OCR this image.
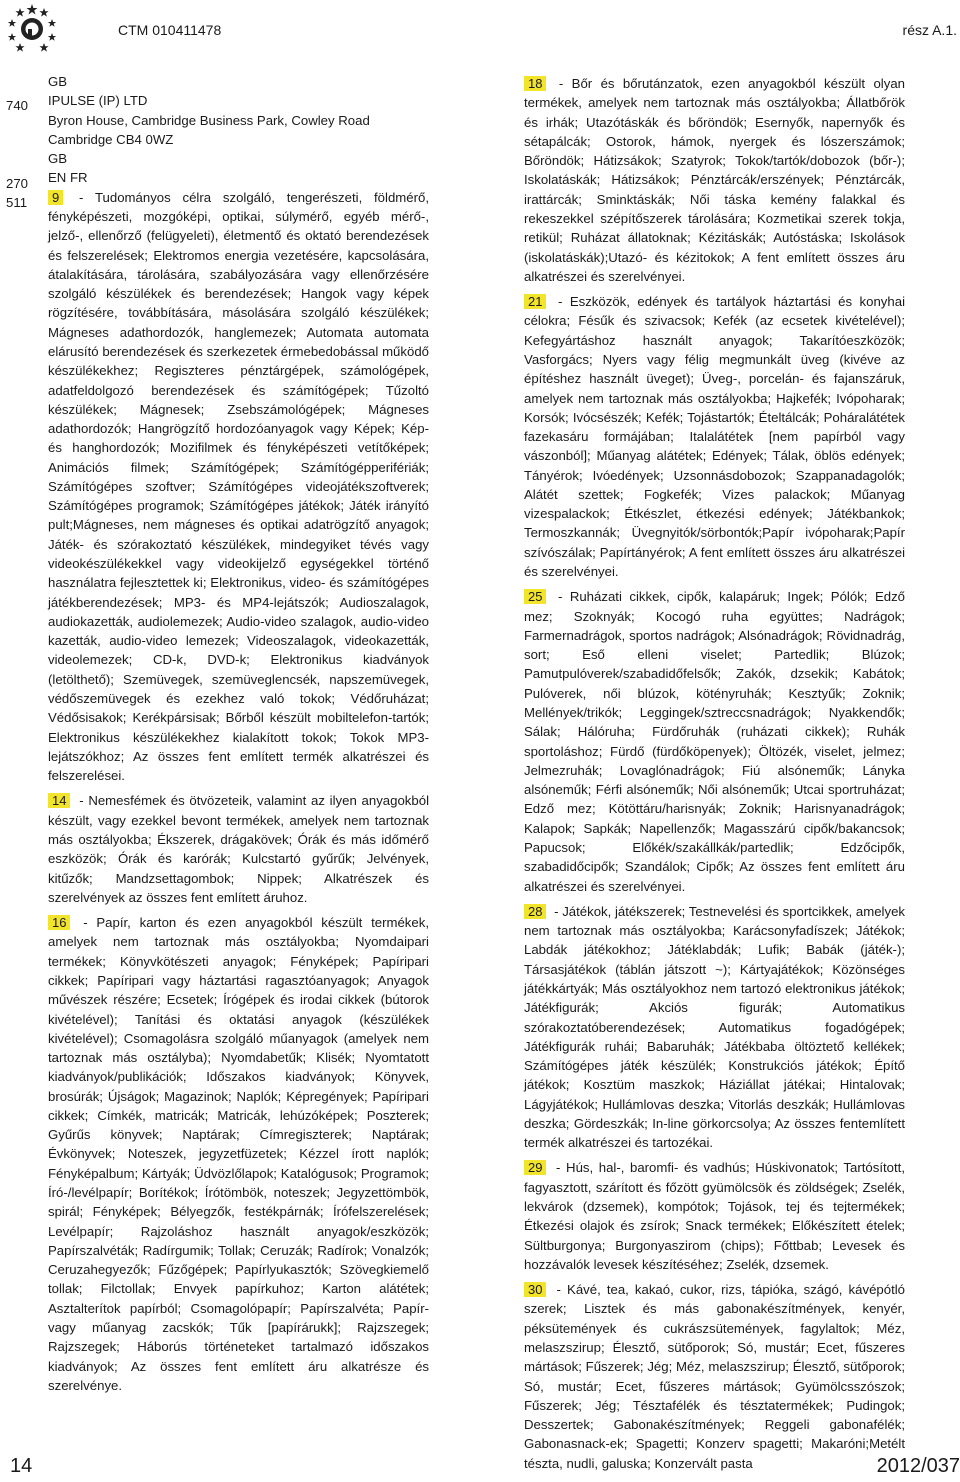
CTM 010411478	rész A.1.
740
270
511
GB
IPULSE (IP) LTD
Byron House, Cambridge Business Park, Cowley Road
Cambridge CB4 0WZ
GB
EN FR

9 - Tudományos célra szolgáló, tengerészeti, földmérő, fényképészeti, mozgóképi, optikai, súlymérő, egyéb mérő-, jelző-, ellenőrző (felügyeleti), életmentő és oktató berendezések és felszerelések; Elektromos energia vezetésére, kapcsolására, átalakítására, tárolására, szabályozására vagy ellenőrzésére szolgáló készülékek és berendezések; Hangok vagy képek rögzítésére, továbbítására, másolására szolgáló készülékek; Mágneses adathordozók, hanglemezek; Automata automata elárusító berendezések és szerkezetek érmebedobással működő készülékekhez; Regiszteres pénztárgépek, számológépek, adatfeldolgozó berendezések és számítógépek; Tűzoltó készülékek; Mágnesek; Zsebszámológépek; Mágneses adathordozók; Hangrögzítő hordozóanyagok vagy Képek; Kép- és hanghordozók; Mozifilmek és fényképészeti vetítőképek; Animációs filmek; Számítógépek; Számítógépperifériák; Számítógépes szoftver; Számítógépes videojátékszoftverek; Számítógépes programok; Számítógépes játékok; Játék irányító pult;Mágneses, nem mágneses és optikai adatrögzítő anyagok; Játék- és szórakoztató készülékek, mindegyiket tévés vagy videokészülékekkel vagy videokijelző egységekkel történő használatra fejlesztettek ki; Elektronikus, video- és számítógépes játékberendezések; MP3- és MP4-lejátszók; Audioszalagok, audiokazetták, audiolemezek; Audio-video szalagok, audio-video kazetták, audio-video lemezek; Videoszalagok, videokazetták, videolemezek; CD-k, DVD-k; Elektronikus kiadványok (letölthető); Szemüvegek, szemüveglencsék, napszemüvegek, védőszemüvegek és ezekhez való tokok; Védőruházat; Védősisakok; Kerékpársisak; Bőrből készült mobiltelefon-tartók; Elektronikus készülékekhez kialakított tokok; Tokok MP3-lejátszókhoz; Az összes fent említett termék alkatrészei és felszerelései.

14 - Nemesfémek és ötvözeteik, valamint az ilyen anyagokból készült, vagy ezekkel bevont termékek, amelyek nem tartoznak más osztályokba; Ékszerek, drágakövek; Órák és más időmérő eszközök; Órák és karórák; Kulcstartó gyűrűk; Jelvények, kitűzők; Mandzsettagombok; Nippek; Alkatrészek és szerelvények az összes fent említett áruhoz.

16 - Papír, karton és ezen anyagokból készült termékek, amelyek nem tartoznak más osztályokba; Nyomdaipari termékek; Könyvkötészeti anyagok; Fényképek; Papíripari cikkek; Papíripari vagy háztartási ragasztóanyagok; Anyagok művészek részére; Ecsetek; Írógépek és irodai cikkek (bútorok kivételével); Tanítási és oktatási anyagok (készülékek kivételével); Csomagolásra szolgáló műanyagok (amelyek nem tartoznak más osztályba); Nyomdabetűk; Klisék; Nyomtatott kiadványok/publikációk; Időszakos kiadványok; Könyvek, brosúrák; Újságok; Magazinok; Naplók; Képregények; Papíripari cikkek; Címkék, matricák; Matricák, lehúzóképek; Poszterek; Gyűrűs könyvek; Naptárak; Címregiszterek; Naptárak; Évkönyvek; Noteszek, jegyzetfüzetek; Kézzel írott naplók; Fényképalbum; Kártyák; Üdvözlőlapok; Katalógusok; Programok; Író-/levélpapír; Borítékok; Írótömbök, noteszek; Jegyzettömbök, spirál; Fényképek; Bélyegzők, festékpárnák; Írófelszerelések; Levélpapír; Rajzoláshoz használt anyagok/eszközök; Papírszalvéták; Radírgumik; Tollak; Ceruzák; Radírok; Vonalzók; Ceruzahegyezők; Fűzőgépek; Papírlyukasztók; Szövegkiemelő tollak; Filctollak; Envyek papírkuhoz; Karton alátétek; Asztalterítok papírból; Csomagolópapír; Papírszalvéta; Papír- vagy műanyag zacskók; Tűk [papírárukk]; Rajzszegek; Rajzszegek; Háborús történeteket tartalmazó időszakos kiadványok; Az összes fent említett áru alkatrésze és szerelvénye.

18 - Bőr és bőrutánzatok, ezen anyagokból készült olyan termékek, amelyek nem tartoznak más osztályokba; Állatbőrök és irhák; Utazótáskák és bőröndök; Esernyők, napernyők és sétapálcák; Ostorok, hámok, nyergek és lószerszámok; Bőröndök; Hátizsákok; Szatyrok; Tokok/tartók/dobozok (bőr-); Iskolatáskák; Hátizsákok; Pénztárcák/erszények; Pénztárcák, irattárcák; Sminktáskák; Női táska kemény falakkal és rekeszekkel szépítőszerek tárolására; Kozmetikai szerek tokja, retikül; Ruházat állatoknak; Kézitáskák; Autóstáska; Iskolások (iskolatáskák);Utazó- és kézitokok; A fent említett összes áru alkatrészei és szerelvényei.

21 - Eszközök, edények és tartályok háztartási és konyhai célokra; Fésűk és szivacsok; Kefék (az ecsetek kivételével); Kefegyártáshoz használt anyagok; Takarítóeszközök; Vasforgács; Nyers vagy félig megmunkált üveg (kivéve az építéshez használt üveget); Üveg-, porcelán- és fajanszáruk, amelyek nem tartoznak más osztályokba; Hajkefék; Ivópoharak; Korsók; Ivócsészék; Kefék; Tojástartók; Ételtálcák; Poháralátétek fazekasáru formájában; Italalátétek [nem papírból vagy vászonból]; Műanyag alátétek; Edények; Tálak, öblös edények; Tányérok; Ivóedények; Uzsonnásdobozok; Szappanadagolók; Alátét szettek; Fogkefék; Vizes palackok; Műanyag vizespalackok; Étkészlet, étkezési edények; Játékbankok; Termoszkannák; Üvegnyitók/sörbontók;Papír ivópoharak;Papír szívószálak; Papírtányérok; A fent említett összes áru alkatrészei és szerelvényei.

25 - Ruházati cikkek, cipők, kalapáruk; Ingek; Pólók; Edző mez; Szoknyák; Kocogó ruha együttes; Nadrágok; Farmernadrágok, sportos nadrágok; Alsónadrágok; Rövidnadrág, sort; Eső elleni viselet; Partedlik; Blúzok; Pamutpulóverek/szabadidőfelsők; Zakók, dzsekik; Kabátok; Pulóverek, női blúzok, kötényruhák; Kesztyűk; Zoknik; Mellények/trikók; Leggingek/sztreccsnadrágok; Nyakkendők; Sálak; Hálóruha; Fürdőruhák (ruházati cikkek); Ruhák sportoláshoz; Fürdő (fürdőköpenyek); Öltözék, viselet, jelmez; Jelmezruhák; Lovaglónadrágok; Fiú alsóneműk; Lányka alsóneműk; Férfi alsóneműk; Női alsóneműk; Utcai sportruházat; Edző mez; Kötöttáru/harisnyák; Zoknik; Harisnyanadrágok; Kalapok; Sapkák; Napellenzők; Magasszárú cipők/bakancsok; Papucsok; Előkék/szakállkák/partedlik; Edzőcipők, szabadidőcipők; Szandálok; Cipők; Az összes fent említett áru alkatrészei és szerelvényei.

28 - Játékok, játékszerek; Testnevelési és sportcikkek, amelyek nem tartoznak más osztályokba; Karácsonyfadíszek; Játékok; Labdák játékokhoz; Játéklabdák; Lufik; Babák (játék-); Társasjátékok (táblán játszott ~); Kártyajátékok; Közönséges játékkártyák; Más osztályokhoz nem tartozó elektronikus játékok; Játékfigurák; Akciós figurák; Automatikus szórakoztatóberendezések; Automatikus fogadógépek; Játékfigurák ruhái; Babaruhák; Játékbaba öltöztető kellékek; Számítógépes játék készülék; Konstrukciós játékok; Építő játékok; Kosztüm maszkok; Háziállat játékai; Hintalovak; Lágyjátékok; Hullámlovas deszka; Vitorlás deszkák; Hullámlovas deszka; Gördeszkák; In-line görkorcsolya; Az összes fentemlített termék alkatrészei és tartozékai.

29 - Hús, hal-, baromfi- és vadhús; Húskivonatok; Tartósított, fagyasztott, szárított és főzött gyümölcsök és zöldségek; Zselék, lekvárok (dzsemek), kompótok; Tojások, tej és tejtermékek; Étkezési olajok és zsírok; Snack termékek; Előkészített ételek; Sültburgonya; Burgonyaszirom (chips); Főttbab; Levesek és hozzávalók levesek készítéséhez; Zselék, dzsemek.

30 - Kávé, tea, kakaó, cukor, rizs, tápióka, szágó, kávépótló szerek; Lisztek és más gabonakészítmények, kenyér, péksütemények és cukrászsütemények, fagylaltok; Méz, melaszszirup; Élesztő, sütőporok; Só, mustár; Ecet, fűszeres mártások; Fűszerek; Jég; Méz, melaszszirup; Élesztő, sütőporok; Só, mustár; Ecet, fűszeres mártások; Gyümölcsszószok; Fűszerek; Jég; Tésztafélék és tésztatermékek; Pudingok; Desszertek; Gabonakészítmények; Reggeli gabonafélék; Gabonasnack-ek; Spagetti; Konzerv spagetti; Makaróni;Metélt tészta, nudli, galuska; Konzervált pasta

14	2012/037
